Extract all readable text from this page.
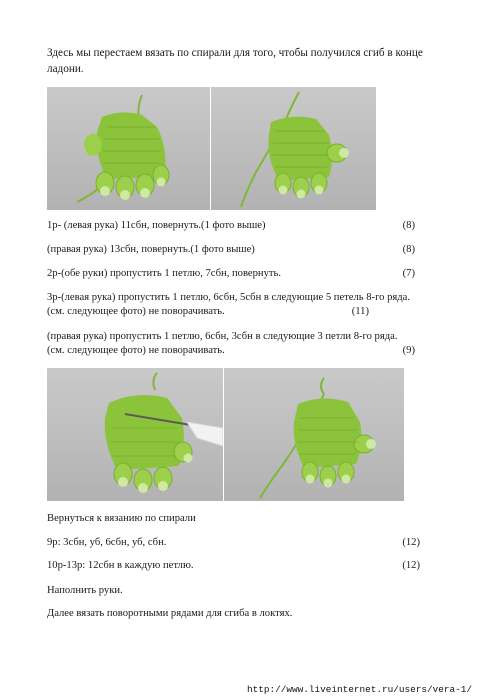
Здесь мы перестаем вязать по спирали для того, чтобы получился сгиб в конце ладони.
1р- (левая рука) 11сбн, повернуть.(1 фото выше)	(8)
(правая рука) 13сбн, повернуть.(1 фото выше)	(8)
2р-(обе руки) пропустить 1 петлю, 7сбн, повернуть.	(7)
3р-(левая рука) пропустить 1 петлю, 6сбн, 5сбн в следующие 5 петель 8-го ряда.
(см. следующее фото) не поворачивать.	(11)
(правая рука) пропустить 1 петлю, 6сбн, 3сбн в следующие 3 петли 8-го ряда.
(см. следующее фото) не поворачивать.	(9)
Вернуться к вязанию по спирали
9р: 3сбн, уб, 6сбн, уб, сбн.	(12)
10р-13р: 12сбн в каждую петлю.	(12)
Наполнить руки.
Далее вязать поворотными рядами для сгиба в локтях.
http://www.liveinternet.ru/users/vera-1/
